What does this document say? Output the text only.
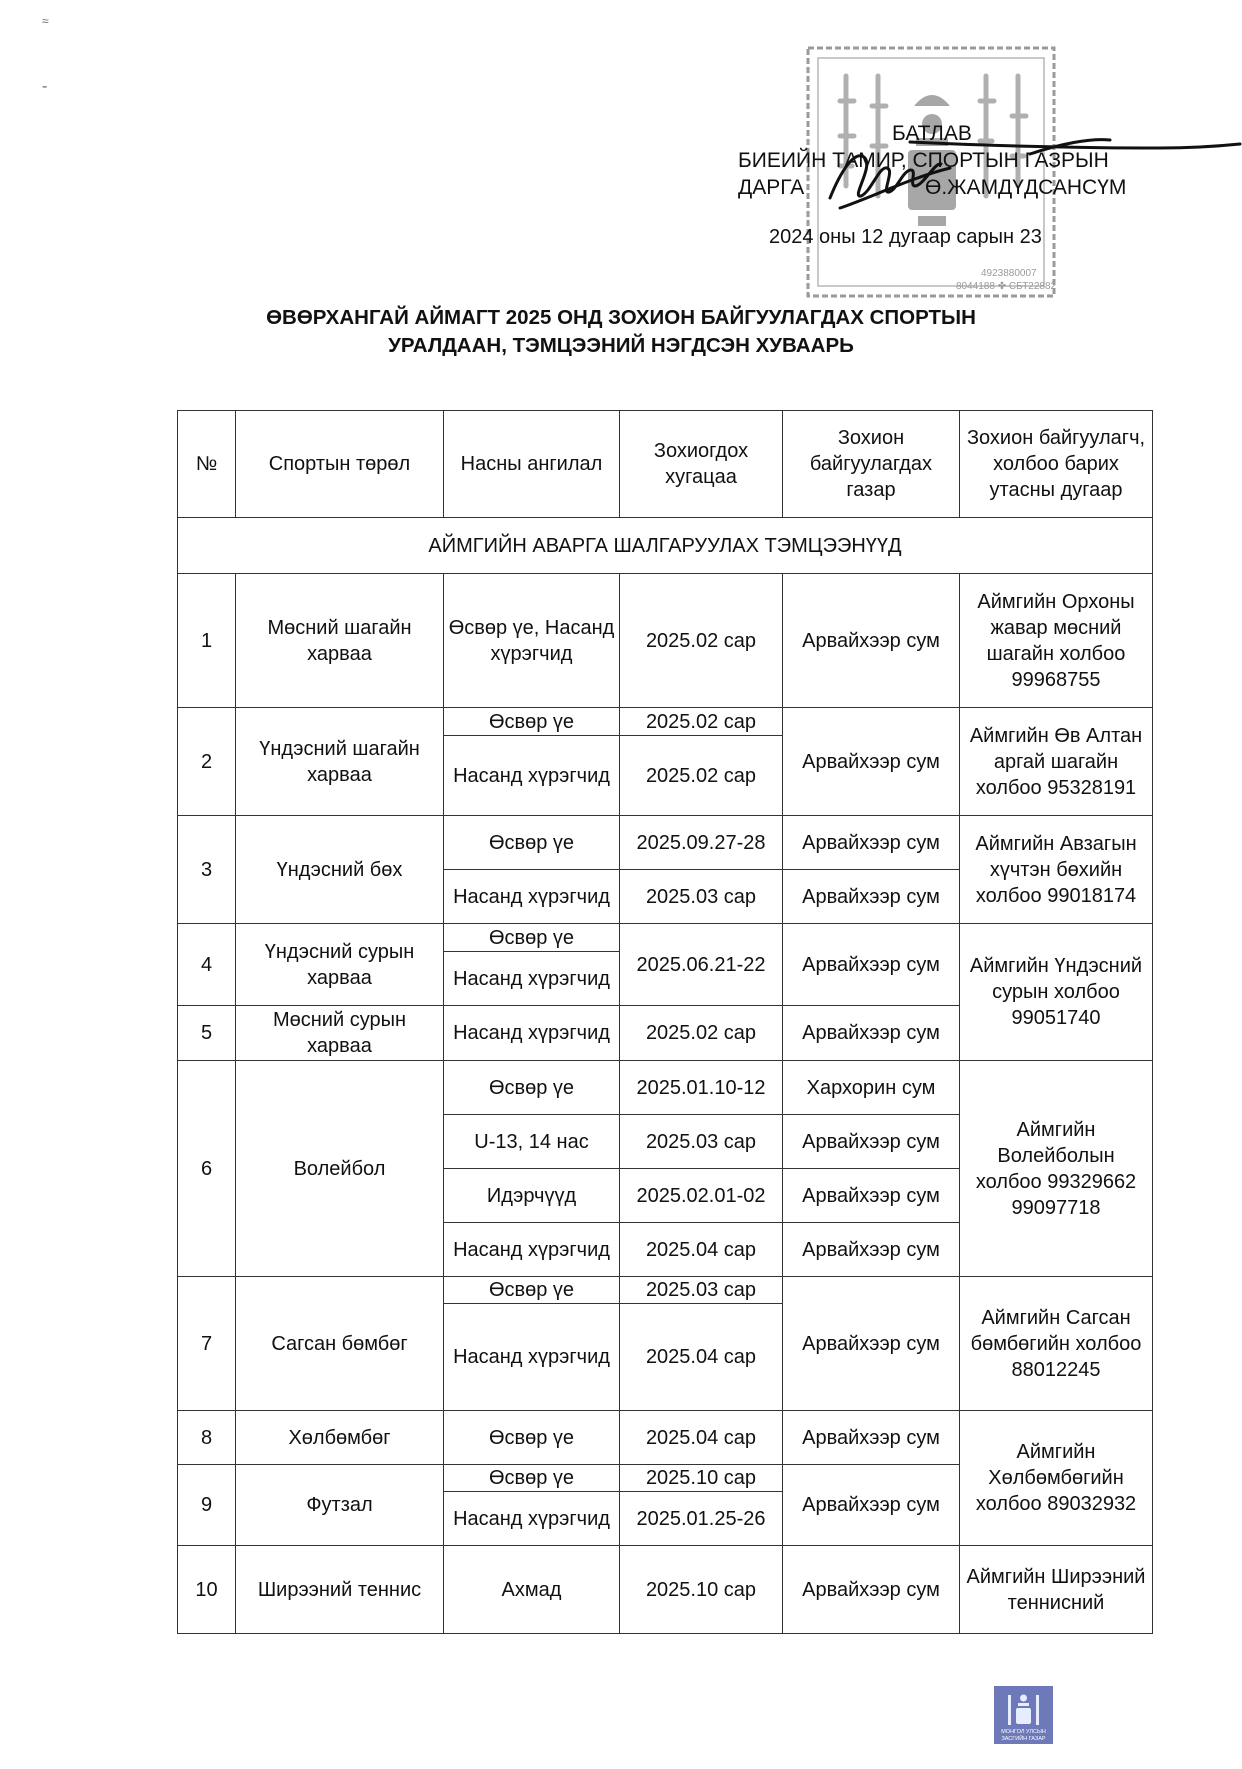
≈
-
4923880007
8044188 ✤ СБТ22882
БАТЛАВ
БИЕИЙН ТАМИР, СПОРТЫН ГАЗРЫН
ДАРГА	Ө.ЖАМДҮДСАНСҮМ
2024 оны 12 дугаар сарын 23
ӨВӨРХАНГАЙ АЙМАГТ 2025 ОНД ЗОХИОН БАЙГУУЛАГДАХ СПОРТЫН
УРАЛДААН, ТЭМЦЭЭНИЙ НЭГДСЭН ХУВААРЬ
№	Спортын төрөл	Насны ангилал	Зохиогдох хугацаа	Зохион байгуулагдах газар	Зохион байгуулагч, холбоо барих утасны дугаар
АЙМГИЙН АВАРГА ШАЛГАРУУЛАХ ТЭМЦЭЭНҮҮД					
1	Мөсний шагайн харваа	Өсвөр үе, Насанд хүрэгчид	2025.02 сар	Арвайхээр сум	Аймгийн Орхоны жавар мөсний шагайн холбоо 99968755
2	Үндэсний шагайн харваа	Өсвөр үе	2025.02 сар	Арвайхээр сум	Аймгийн Өв Алтан аргай шагайн холбоо 95328191
		Насанд хүрэгчид	2025.02 сар		
3	Үндэсний бөх	Өсвөр үе	2025.09.27-28	Арвайхээр сум	Аймгийн Авзагын хүчтэн бөхийн холбоо 99018174
		Насанд хүрэгчид	2025.03 сар	Арвайхээр сум	
4	Үндэсний сурын харваа	Өсвөр үе	2025.06.21-22	Арвайхээр сум	Аймгийн Үндэсний сурын холбоо 99051740
		Насанд хүрэгчид			
5	Мөсний сурын харваа	Насанд хүрэгчид	2025.02 сар	Арвайхээр сум	
6	Волейбол	Өсвөр үе	2025.01.10-12	Хархорин сум	Аймгийн Волейболын холбоо 99329662 99097718
		U-13, 14 нас	2025.03 сар	Арвайхээр сум	
		Идэрчүүд	2025.02.01-02	Арвайхээр сум	
		Насанд хүрэгчид	2025.04 сар	Арвайхээр сум	
7	Сагсан бөмбөг	Өсвөр үе	2025.03 сар	Арвайхээр сум	Аймгийн Сагсан бөмбөгийн холбоо 88012245
		Насанд хүрэгчид	2025.04 сар		
8	Хөлбөмбөг	Өсвөр үе	2025.04 сар	Арвайхээр сум	Аймгийн Хөлбөмбөгийн холбоо 89032932
9	Футзал	Өсвөр үе	2025.10 сар	Арвайхээр сум	
		Насанд хүрэгчид	2025.01.25-26		
10	Ширээний теннис	Ахмад	2025.10 сар	Арвайхээр сум	Аймгийн Ширээний теннисний
МОНГОЛ УЛСЫН
ЗАСГИЙН ГАЗАР
